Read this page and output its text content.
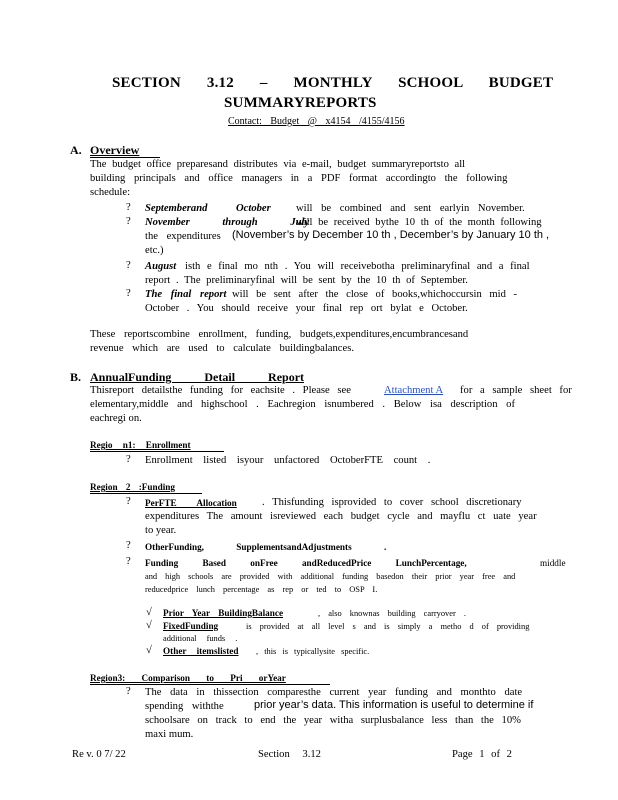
SECTION 3.12 – MONTHLY SCHOOL BUDGET
SUMMARYREPORTS
Contact: Budget @ x4154 /4155/4156
A. Overview
The budget office preparesand distributes via e-mail, budget summaryreportsto all
building principals and office managers in a PDF format accordingto the following
schedule:
? Septemberand October will be combined and sent earlyin November.
? November through July
will be received bythe 10 th of the month following
the expenditures (November’s by December 10 th , December’s by January 10 th ,
etc.)
? August isth e final mo nth . You will receivebotha preliminaryfinal and a final
report . The preliminaryfinal will be sent by the 10 th of September.
? The final report will be sent after the close of books,whichoccursin mid -
October . You should receive your final rep ort bylat e October.
These reportscombine enrollment, funding, budgets,expenditures,encumbrancesand
revenue which are used to calculate buildingbalances.
B. AnnualFunding Detail Report
Thisreport detailsthe funding for eachsite . Please see	Attachment A for a sample sheet for
elementary,middle and highschool . Eachregion isnumbered . Below isa description of
eachregi on.
Regio n1: Enrollment
? Enrollment listed isyour unfactored OctoberFTE count .
Region 2 :Funding
? PerFTE Allocation . Thisfunding isprovided to cover school discretionary
expenditures The amount isreviewed each budget cycle and mayflu ct uate year
to year.
? OtherFunding, SupplementsandAdjustments .
? Funding Based onFree andReducedPrice LunchPercentage,	middle
and high schools are provided with additional funding basedon their prior year free and
reducedprice lunch percentage as rep or ted to OSP I.
√ Prior Year BuildingBalance	, also knownas building carryover .
√ FixedFunding	is provided at all level s and is simply a metho d of providing
additional funds .
√ Other itemslisted , this is typicallysite specific.
Region3: Comparison to Pri orYear
? The data in thissection comparesthe current year funding and monthto date
spending withthe	prior year’s data. This information is useful to determine if
schoolsare on track to end the year witha surplusbalance less than the 10%
maxi mum.
Re v. 0 7/ 22	Section 3.12	Page 1 of 2
